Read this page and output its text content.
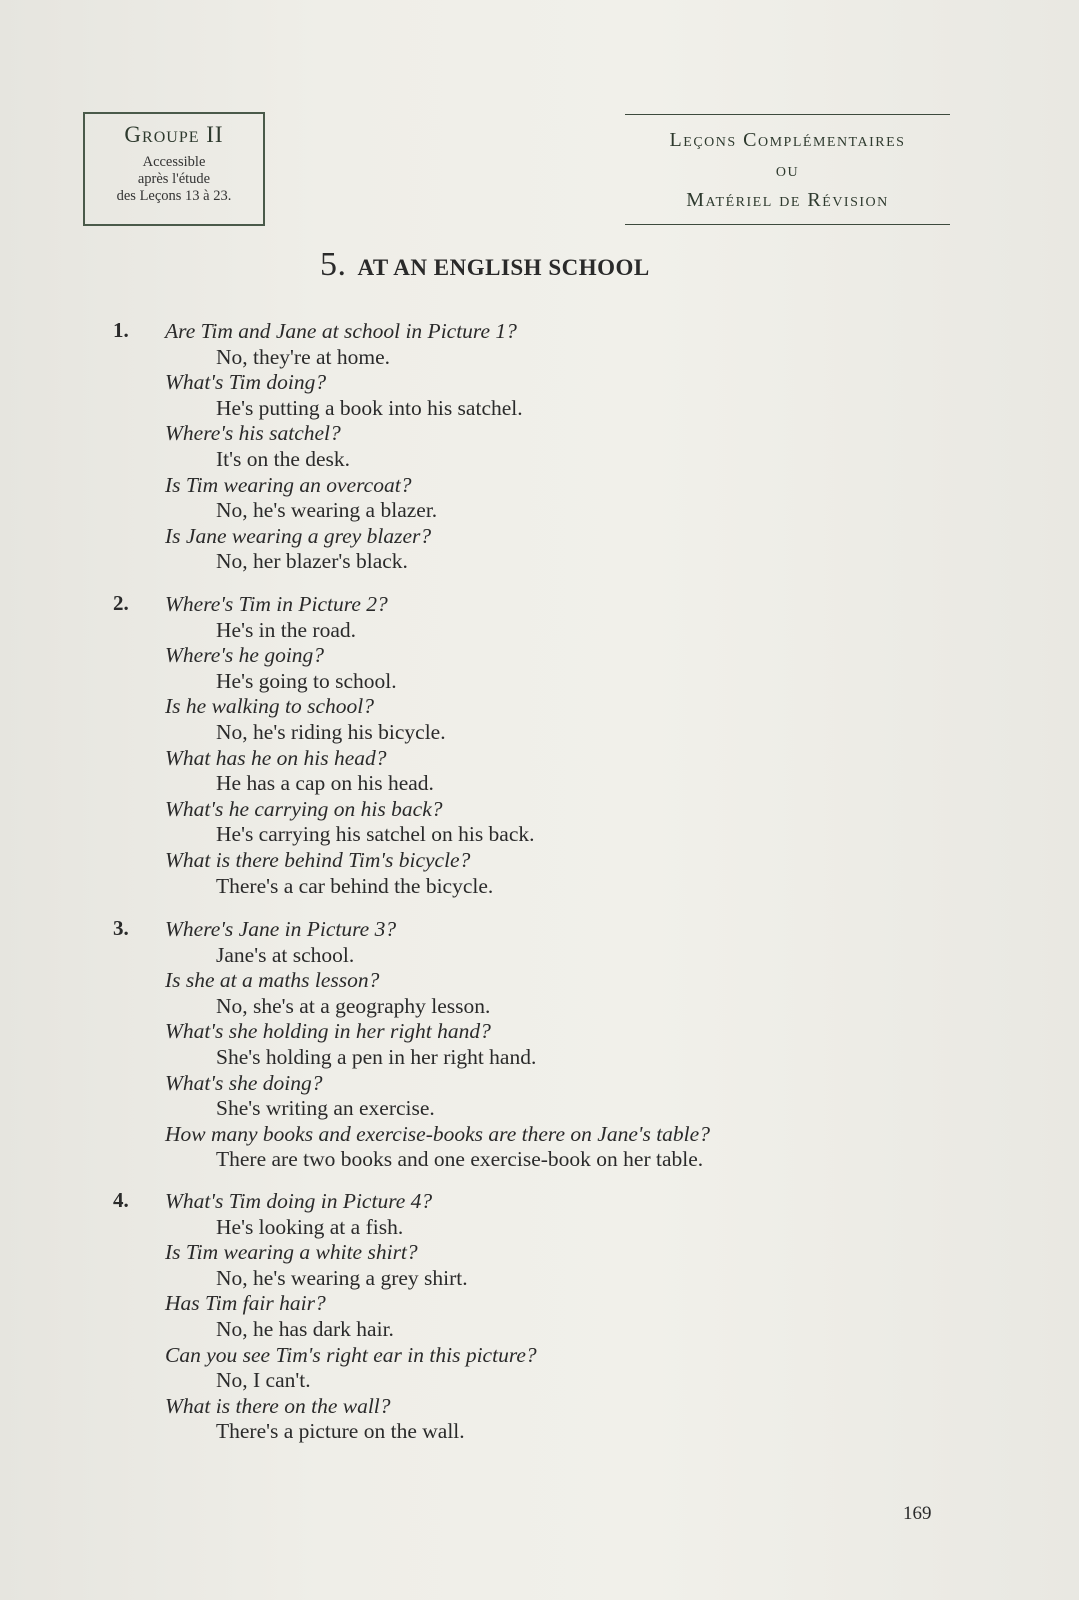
Groupe II
Accessible
après l'étude
des Leçons 13 à 23.
Leçons Complémentaires
ou
Matériel de Révision
5. AT AN ENGLISH SCHOOL
1. Are Tim and Jane at school in Picture 1?
No, they're at home.
What's Tim doing?
He's putting a book into his satchel.
Where's his satchel?
It's on the desk.
Is Tim wearing an overcoat?
No, he's wearing a blazer.
Is Jane wearing a grey blazer?
No, her blazer's black.
2. Where's Tim in Picture 2?
He's in the road.
Where's he going?
He's going to school.
Is he walking to school?
No, he's riding his bicycle.
What has he on his head?
He has a cap on his head.
What's he carrying on his back?
He's carrying his satchel on his back.
What is there behind Tim's bicycle?
There's a car behind the bicycle.
3. Where's Jane in Picture 3?
Jane's at school.
Is she at a maths lesson?
No, she's at a geography lesson.
What's she holding in her right hand?
She's holding a pen in her right hand.
What's she doing?
She's writing an exercise.
How many books and exercise-books are there on Jane's table?
There are two books and one exercise-book on her table.
4. What's Tim doing in Picture 4?
He's looking at a fish.
Is Tim wearing a white shirt?
No, he's wearing a grey shirt.
Has Tim fair hair?
No, he has dark hair.
Can you see Tim's right ear in this picture?
No, I can't.
What is there on the wall?
There's a picture on the wall.
169
